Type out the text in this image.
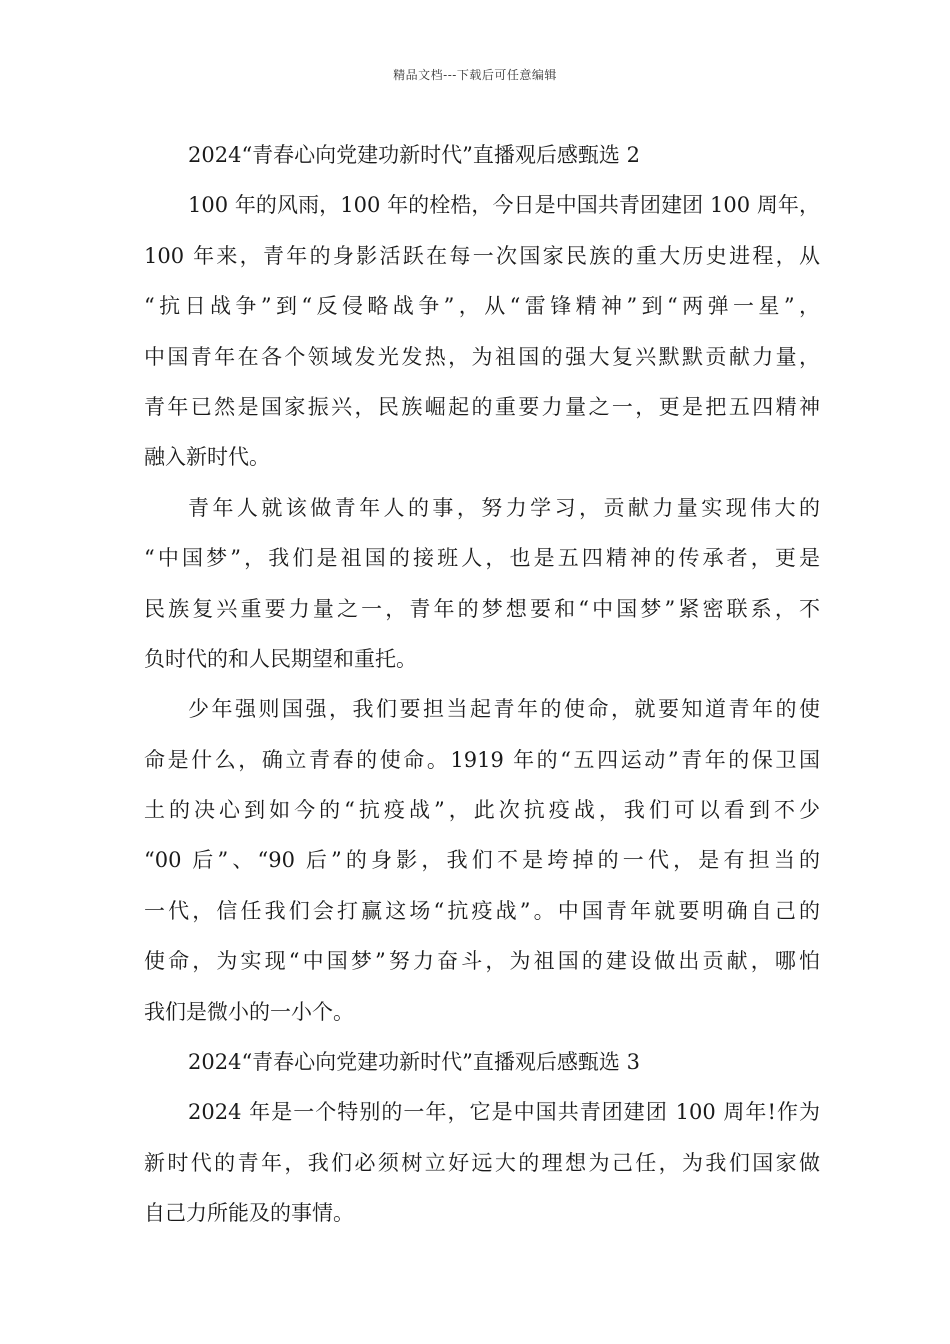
精品文档---下载后可任意编辑
2024“青春心向党建功新时代”直播观后感甄选 2
100 年的风雨，100 年的栓梏，今日是中国共青团建团 100 周年，
100 年来，青年的身影活跃在每一次国家民族的重大历史进程，从
“抗日战争”到“反侵略战争”，从“雷锋精神”到“两弹一星”，
中国青年在各个领域发光发热，为祖国的强大复兴默默贡献力量，
青年已然是国家振兴，民族崛起的重要力量之一，更是把五四精神
融入新时代。
青年人就该做青年人的事，努力学习，贡献力量实现伟大的
“中国梦”，我们是祖国的接班人，也是五四精神的传承者，更是
民族复兴重要力量之一，青年的梦想要和“中国梦”紧密联系，不
负时代的和人民期望和重托。
少年强则国强，我们要担当起青年的使命，就要知道青年的使
命是什么，确立青春的使命。1919 年的“五四运动”青年的保卫国
土的决心到如今的“抗疫战”，此次抗疫战，我们可以看到不少
“00 后”、“90 后”的身影，我们不是垮掉的一代，是有担当的
一代，信任我们会打赢这场“抗疫战”。中国青年就要明确自己的
使命，为实现“中国梦”努力奋斗，为祖国的建设做出贡献，哪怕
我们是微小的一小个。
2024“青春心向党建功新时代”直播观后感甄选 3
2024 年是一个特别的一年，它是中国共青团建团 100 周年!作为
新时代的青年，我们必须树立好远大的理想为己任，为我们国家做
自己力所能及的事情。
